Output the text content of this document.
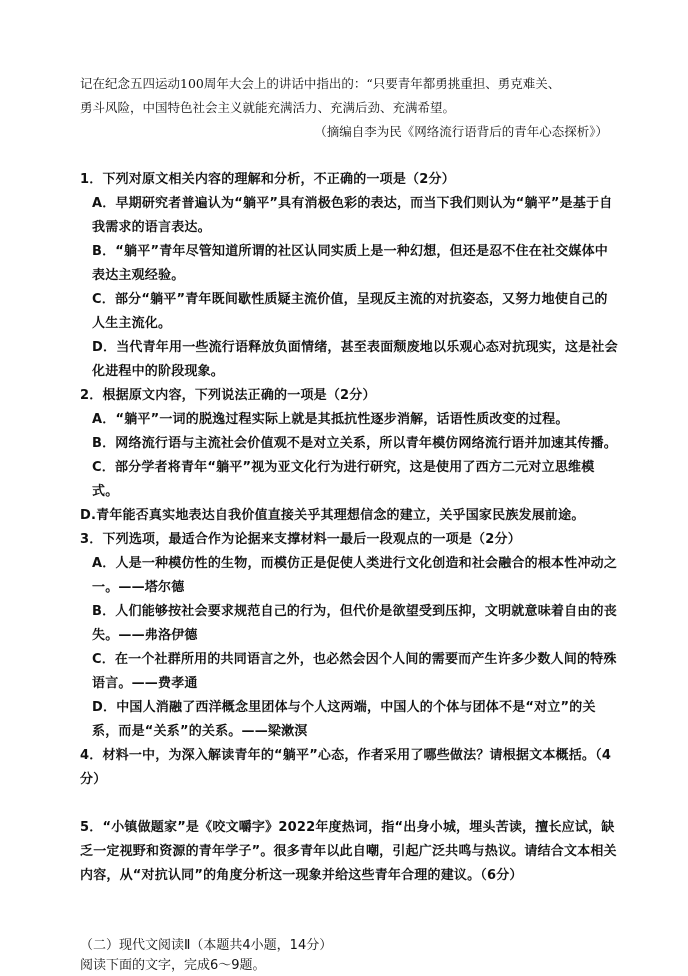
记在纪念五四运动100周年大会上的讲话中指出的：“只要青年都勇挑重担、勇克难关、
勇斗风险，中国特色社会主义就能充满活力、充满后劲、充满希望。
（摘编自李为民《网络流行语背后的青年心态探析》）
1．下列对原文相关内容的理解和分析，不正确的一项是（2分）
A．早期研究者普遍认为“躺平”具有消极色彩的表达，而当下我们则认为“躺平”是基于自我需求的语言表达。
B．“躺平”青年尽管知道所谓的社区认同实质上是一种幻想，但还是忍不住在社交媒体中表达主观经验。
C．部分“躺平”青年既间歇性质疑主流价值，呈现反主流的对抗姿态，又努力地使自己的人生主流化。
D．当代青年用一些流行语释放负面情绪，甚至表面颓废地以乐观心态对抗现实，这是社会化进程中的阶段现象。
2．根据原文内容，下列说法正确的一项是（2分）
A．“躺平”一词的脱逸过程实际上就是其抵抗性逐步消解，话语性质改变的过程。
B．网络流行语与主流社会价值观不是对立关系，所以青年模仿网络流行语并加速其传播。
C．部分学者将青年“躺平”视为亚文化行为进行研究，这是使用了西方二元对立思维模式。
D.青年能否真实地表达自我价值直接关乎其理想信念的建立，关乎国家民族发展前途。
3．下列选项，最适合作为论据来支撑材料一最后一段观点的一项是（2分）
A．人是一种模仿性的生物，而模仿正是促使人类进行文化创造和社会融合的根本性冲动之一。——塔尔德
B．人们能够按社会要求规范自己的行为，但代价是欲望受到压抑，文明就意味着自由的丧失。——弗洛伊德
C．在一个社群所用的共同语言之外，也必然会因个人间的需要而产生许多少数人间的特殊语言。——费孝通
D．中国人消融了西洋概念里团体与个人这两端，中国人的个体与团体不是“对立”的关系，而是“关系”的关系。——梁漱溟
4．材料一中，为深入解读青年的“躺平”心态，作者采用了哪些做法？请根据文本概括。（4分）
5．“小镇做题家”是《咬文嚼字》2022年度热词，指“出身小城，埋头苦读，擅长应试，缺乏一定视野和资源的青年学子”。很多青年以此自嘲，引起广泛共鸣与热议。请结合文本相关内容，从“对抗认同”的角度分析这一现象并给这些青年合理的建议。（6分）
（二）现代文阅读Ⅱ（本题共4小题，14分）
阅读下面的文字，完成6～9题。
